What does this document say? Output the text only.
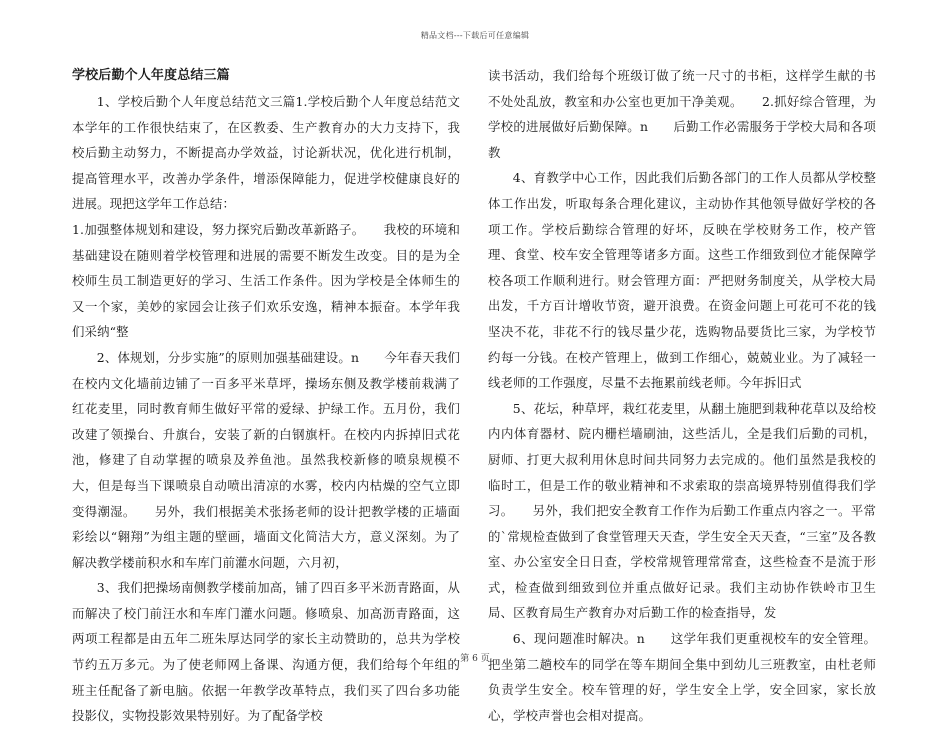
精品文档---下载后可任意编辑
学校后勤个人年度总结三篇

1、学校后勤个人年度总结范文三篇1.学校后勤个人年度总结范文　　本学年的工作很快结束了，在区教委、生产教育办的大力支持下，我校后勤主动努力，不断提高办学效益，讨论新状况，优化进行机制，提高管理水平，改善办学条件，增添保障能力，促进学校健康良好的进展。现把这学年工作总结：

1.加强整体规划和建设，努力探究后勤改革新路子。　　我校的环境和基础建设在随则着学校管理和进展的需要不断发生改变。目的是为全校师生员工制造更好的学习、生活工作条件。因为学校是全体师生的又一个家，美妙的家园会让孩子们欢乐安逸，精神本振奋。本学年我们采纳“整

2、体规划，分步实施”的原则加强基础建设。n　　今年春天我们在校内文化墙前边铺了一百多平米草坪，操场东侧及教学楼前栽满了红花麦里，同时教育师生做好平常的爱绿、护绿工作。五月份，我们改建了领操台、升旗台，安装了新的白钢旗杆。在校内内拆掉旧式花池，修建了自动掌握的喷泉及养鱼池。虽然我校新修的喷泉规模不大，但是每当下课喷泉自动喷出清凉的水雾，校内内枯燥的空气立即变得潮湿。　　另外，我们根据美术张扬老师的设计把教学楼的正墙面彩绘以“翱翔”为组主题的壁画，墙面文化简洁大方，意义深刻。为了解决教学楼前积水和车库门前灌水问题，六月初，

3、我们把操场南侧教学楼前加高，铺了四百多平米沥青路面，从而解决了校门前汪水和车库门灌水问题。修喷泉、加高沥青路面，这两项工程都是由五年二班朱厚达同学的家长主动赞助的，总共为学校节约五万多元。为了使老师网上备课、沟通方便，我们给每个年组的班主任配备了新电脑。依据一年教学改革特点，我们买了四台多功能投影仪，实物投影效果特别好。为了配备学校

读书活动，我们给每个班级订做了统一尺寸的书柜，这样学生献的书不处处乱放，教室和办公室也更加干净美观。　　2.抓好综合管理，为学校的进展做好后勤保障。n　　后勤工作必需服务于学校大局和各项教

4、育教学中心工作，因此我们后勤各部门的工作人员都从学校整体工作出发，听取每条合理化建议，主动协作其他领导做好学校的各项工作。学校后勤综合管理的好坏，反映在学校财务工作，校产管理、食堂、校车安全管理等诸多方面。这些工作细致到位才能保障学校各项工作顺利进行。财会管理方面：严把财务制度关，从学校大局出发，千方百计增收节资，避开浪费。在资金问题上可花可不花的钱坚决不花，非花不行的钱尽量少花，选购物品要货比三家，为学校节约每一分钱。在校产管理上，做到工作细心，兢兢业业。为了减轻一线老师的工作强度，尽量不去拖累前线老师。今年拆旧式

5、花坛，种草坪，栽红花麦里，从翻土施肥到栽种花草以及给校内内体育器材、院内栅栏墙刷油，这些活儿，全是我们后勤的司机，厨师、打更大叔利用休息时间共同努力去完成的。他们虽然是我校的临时工，但是工作的敬业精神和不求索取的崇高境界特别值得我们学习。　　另外，我们把安全教育工作作为后勤工作重点内容之一。平常的`常规检查做到了食堂管理天天查，学生安全天天查，“三室”及各教室、办公室安全日日查，学校常规管理常常查，这些检查不是流于形式，检查做到细致到位并重点做好记录。我们主动协作铁岭市卫生局、区教育局生产教育办对后勤工作的检查指导，发

6、现问题准时解决。n　　这学年我们更重视校车的安全管理。把坐第二趟校车的同学在等车期间全集中到幼儿三班教室，由杜老师负责学生安全。校车管理的好，学生安全上学，安全回家，家长放心，学校声誉也会相对提高。

第 6 页
